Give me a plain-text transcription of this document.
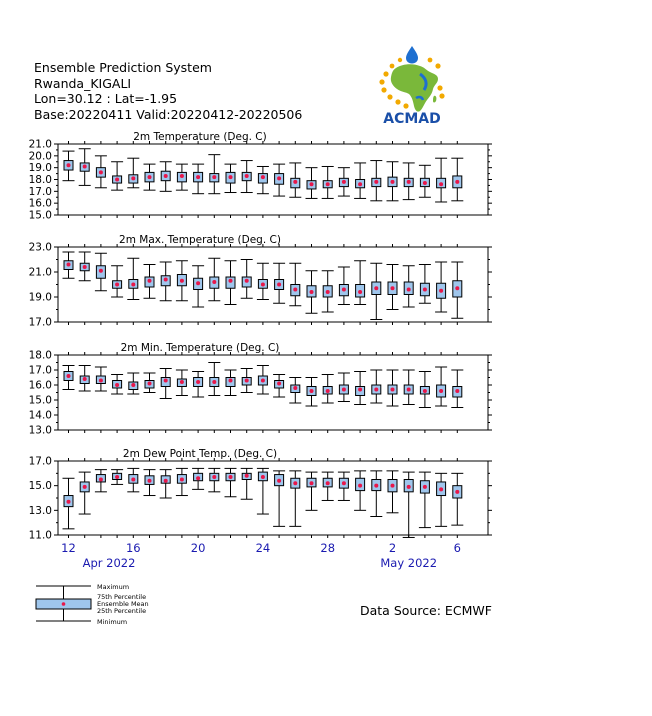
Ensemble Prediction System
Rwanda_KIGALI
Lon=30.12 : Lat=-1.95
Base:20220411 Valid:20220412-20220506	ACMAD
2m Temperature (Deg. C)
21.0
20.0
19.0
18.0
17.0
16.0
15.0
2m Max. Temperature (Deg. C)
23.0
21.0
19.0
17.0
2m Min. Temperature (Deg. C)
18.0
17.0
16.0
15.0
14.0
13.0
2m Dew Point Temp. (Deg. C)
17.0
15.0
13.0
11.0
12	16	20	24	28	2	6
Apr 2022	May 2022
Maximum
75th Percentile
Ensemble Mean
25th Percentile
Minimum
Data Source: ECMWF
